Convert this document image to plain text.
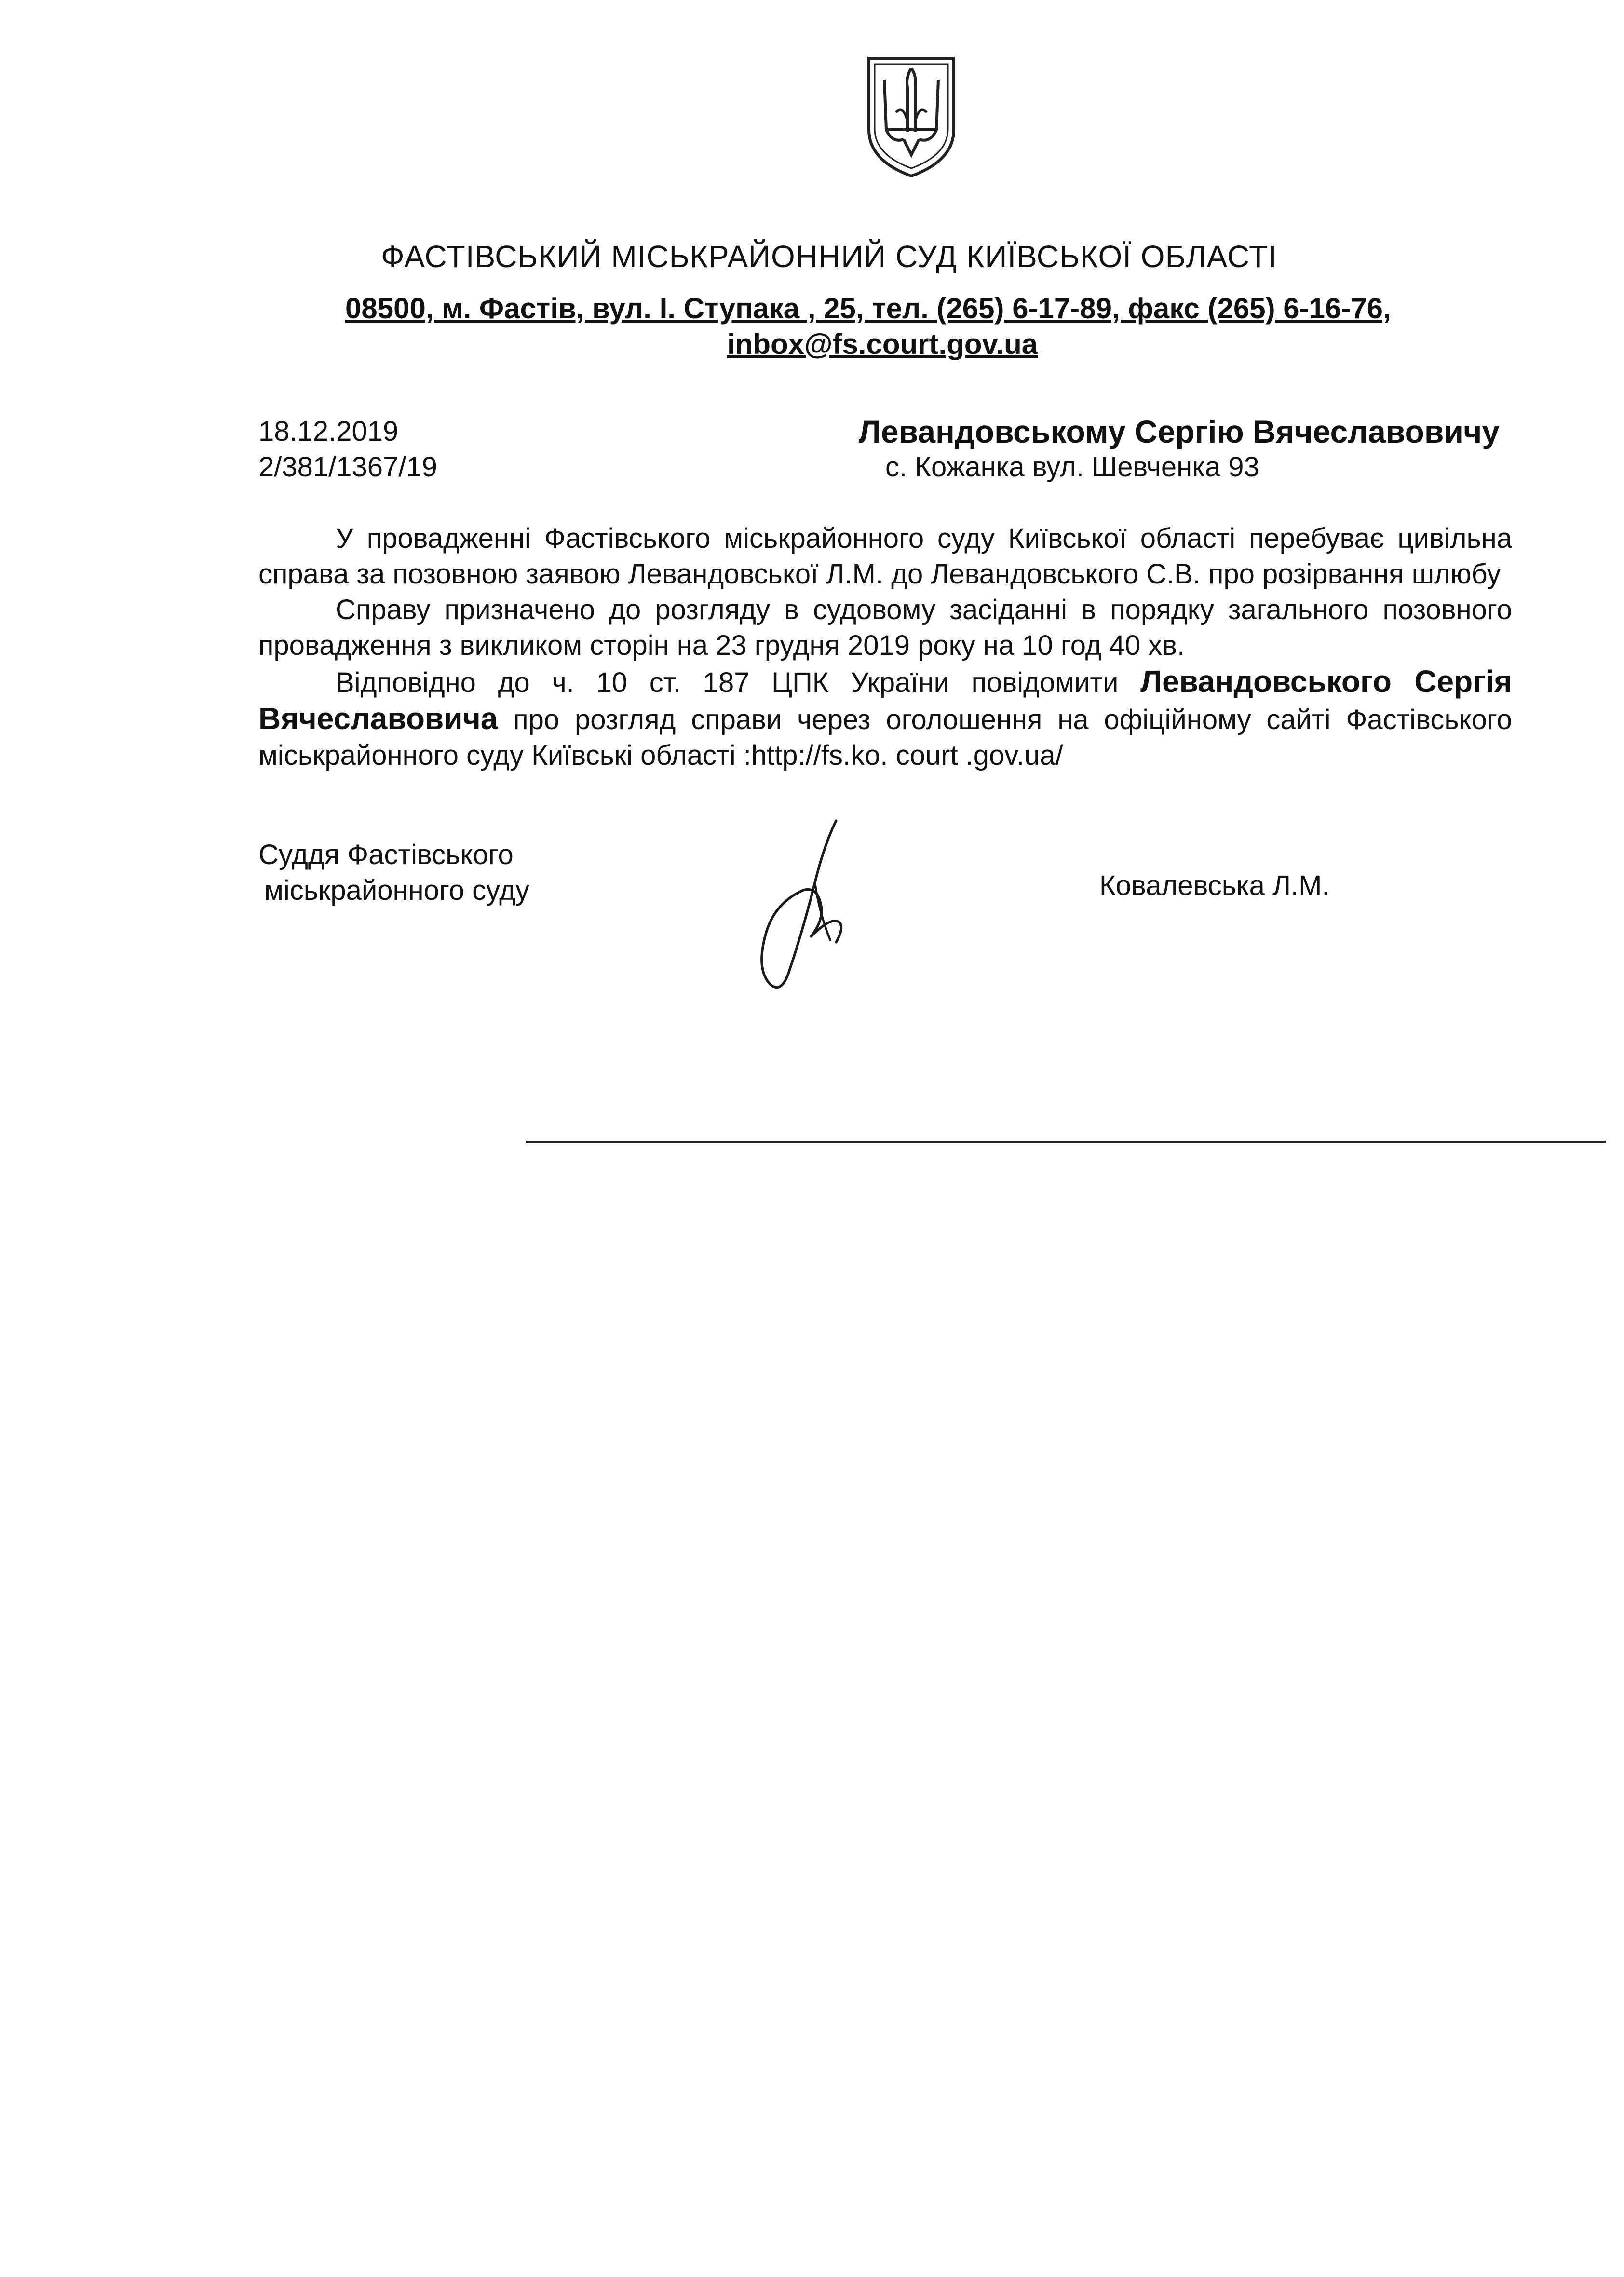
ФАСТІВСЬКИЙ МІСЬКРАЙОННИЙ СУД КИЇВСЬКОЇ ОБЛАСТІ
08500, м. Фастів, вул. І. Ступака , 25, тел. (265) 6-17-89, факс (265) 6-16-76,
inbox@fs.court.gov.ua
18.12.2019
2/381/1367/19
Левандовському Сергію Вячеславовичу
с. Кожанка вул. Шевченка 93

У провадженні Фастівського міськрайонного суду Київської області перебуває цивільна справа за позовною заявою Левандовської Л.М. до Левандовського С.В. про розірвання шлюбу

Справу призначено до розгляду в судовому засіданні в порядку загального позовного провадження з викликом сторін на 23 грудня 2019 року на 10 год 40 хв.

Відповідно до ч. 10 ст. 187 ЦПК України повідомити Левандовського Сергія Вячеславовича про розгляд справи через оголошення на офіційному сайті Фастівського міськрайонного суду Київські області :http://fs.ko. court .gov.ua/

Суддя Фастівського
міськрайонного суду	Ковалевська Л.М.
